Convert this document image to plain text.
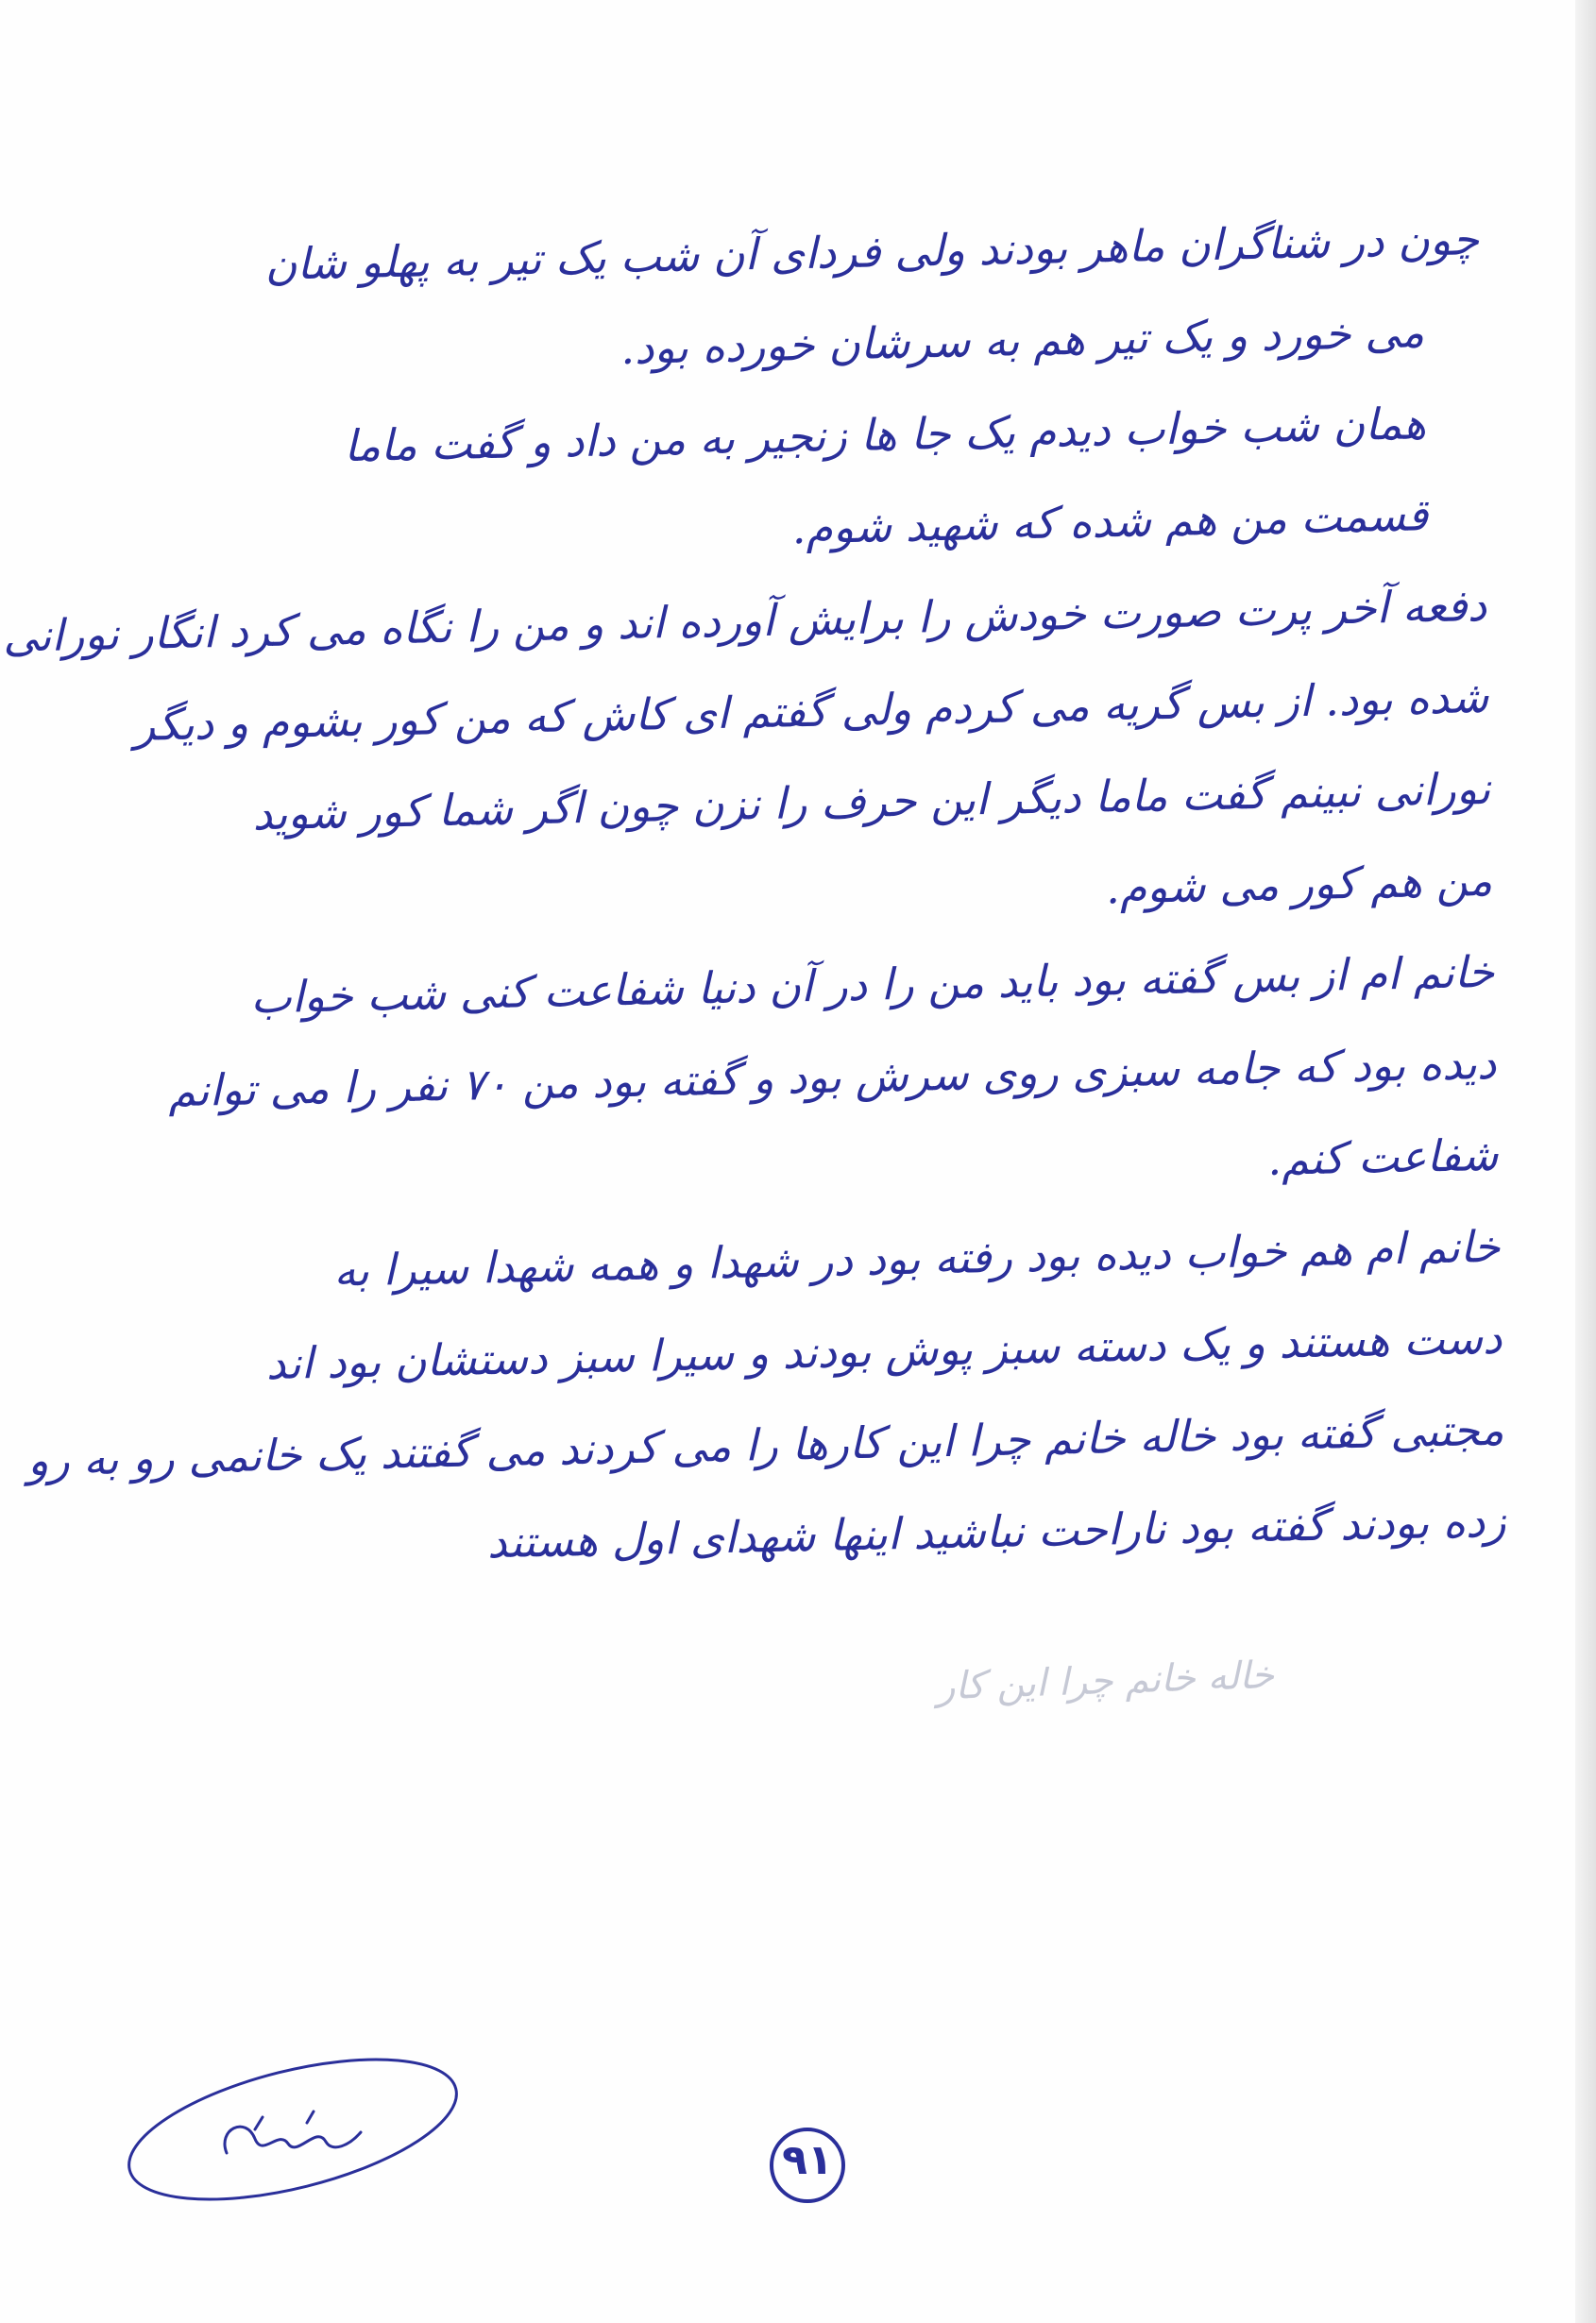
چون در شناگران ماهر بودند ولی فردای آن شب یک تیر به پهلو شان

می خورد و یک تیر هم به سرشان خورده بود.

همان شب خواب دیدم یک جا ها زنجیر به من داد و گفت ماما

قسمت من هم شده که شهید شوم.

دفعه آخر پرت صورت خودش را برایش آورده اند و من را نگاه می کرد انگار نورانی

شده بود. از بس گریه می کردم ولی گفتم ای کاش که من کور بشوم و دیگر

نورانی نبینم گفت ماما دیگر این حرف را نزن چون اگر شما کور شوید

من هم کور می شوم.

خانم ام از بس گفته بود باید من را در آن دنیا شفاعت کنی شب خواب

دیده بود که جامه سبزی روی سرش بود و گفته بود من ۷۰ نفر را می توانم

شفاعت کنم.

خانم ام هم خواب دیده بود رفته بود در شهدا و همه شهدا سیرا به

دست هستند و یک دسته سبز پوش بودند و سیرا سبز دستشان بود اند

مجتبی گفته بود خاله خانم چرا این کارها را می کردند می گفتند یک خانمی رو به رو

زده بودند گفته بود ناراحت نباشید اینها شهدای اول هستند

خاله خانم چرا این کار
۹۱
